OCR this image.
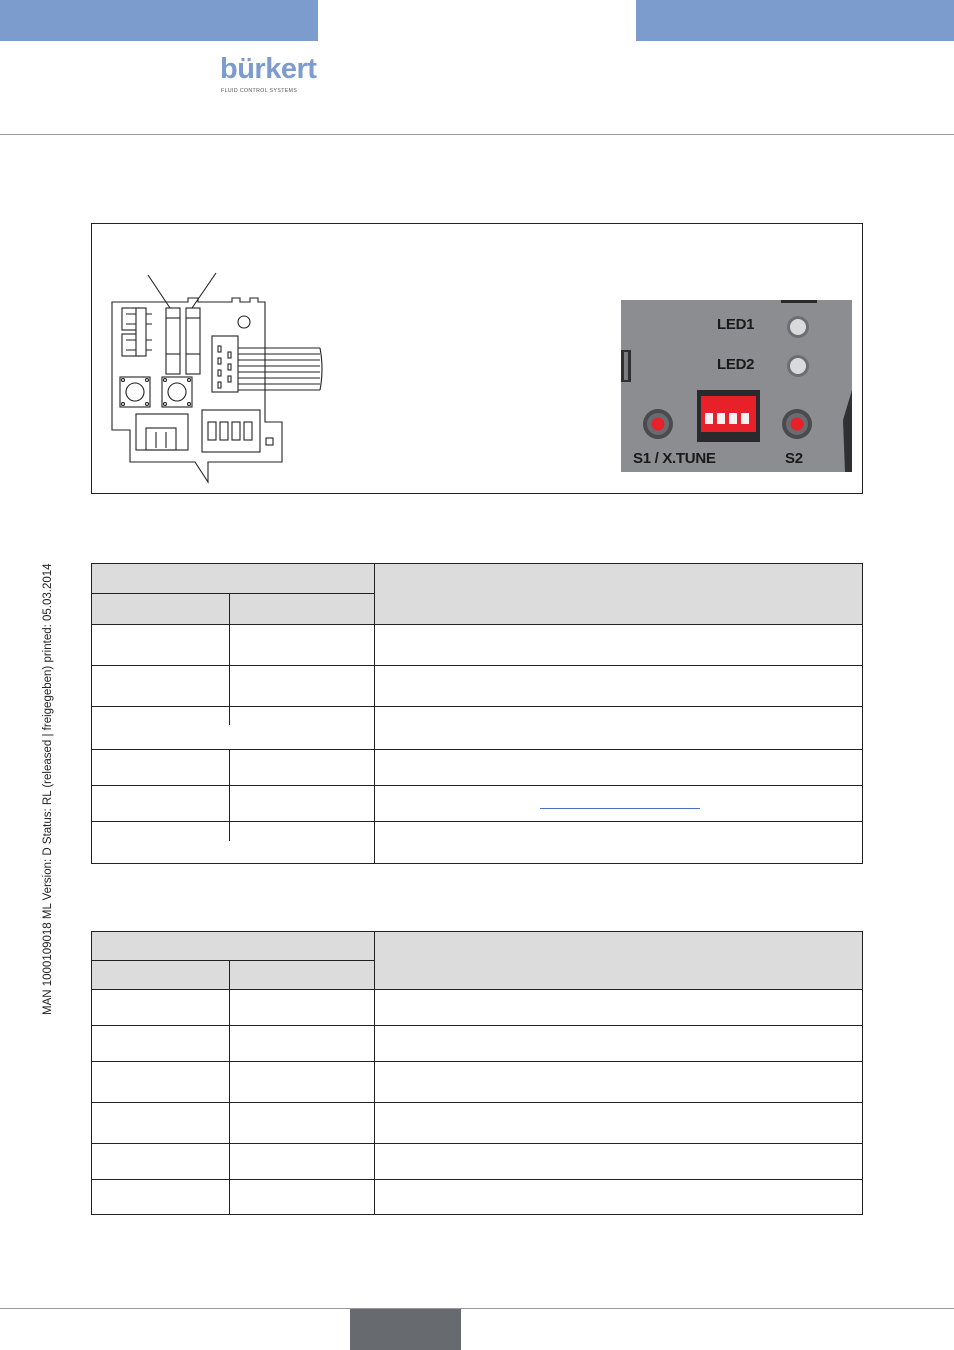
bürkert
FLUID CONTROL SYSTEMS
MAN 1000109018 ML Version: D Status: RL (released | freigegeben) printed: 05.03.2014
LED1
LED2
S1 / X.TUNE	S2
